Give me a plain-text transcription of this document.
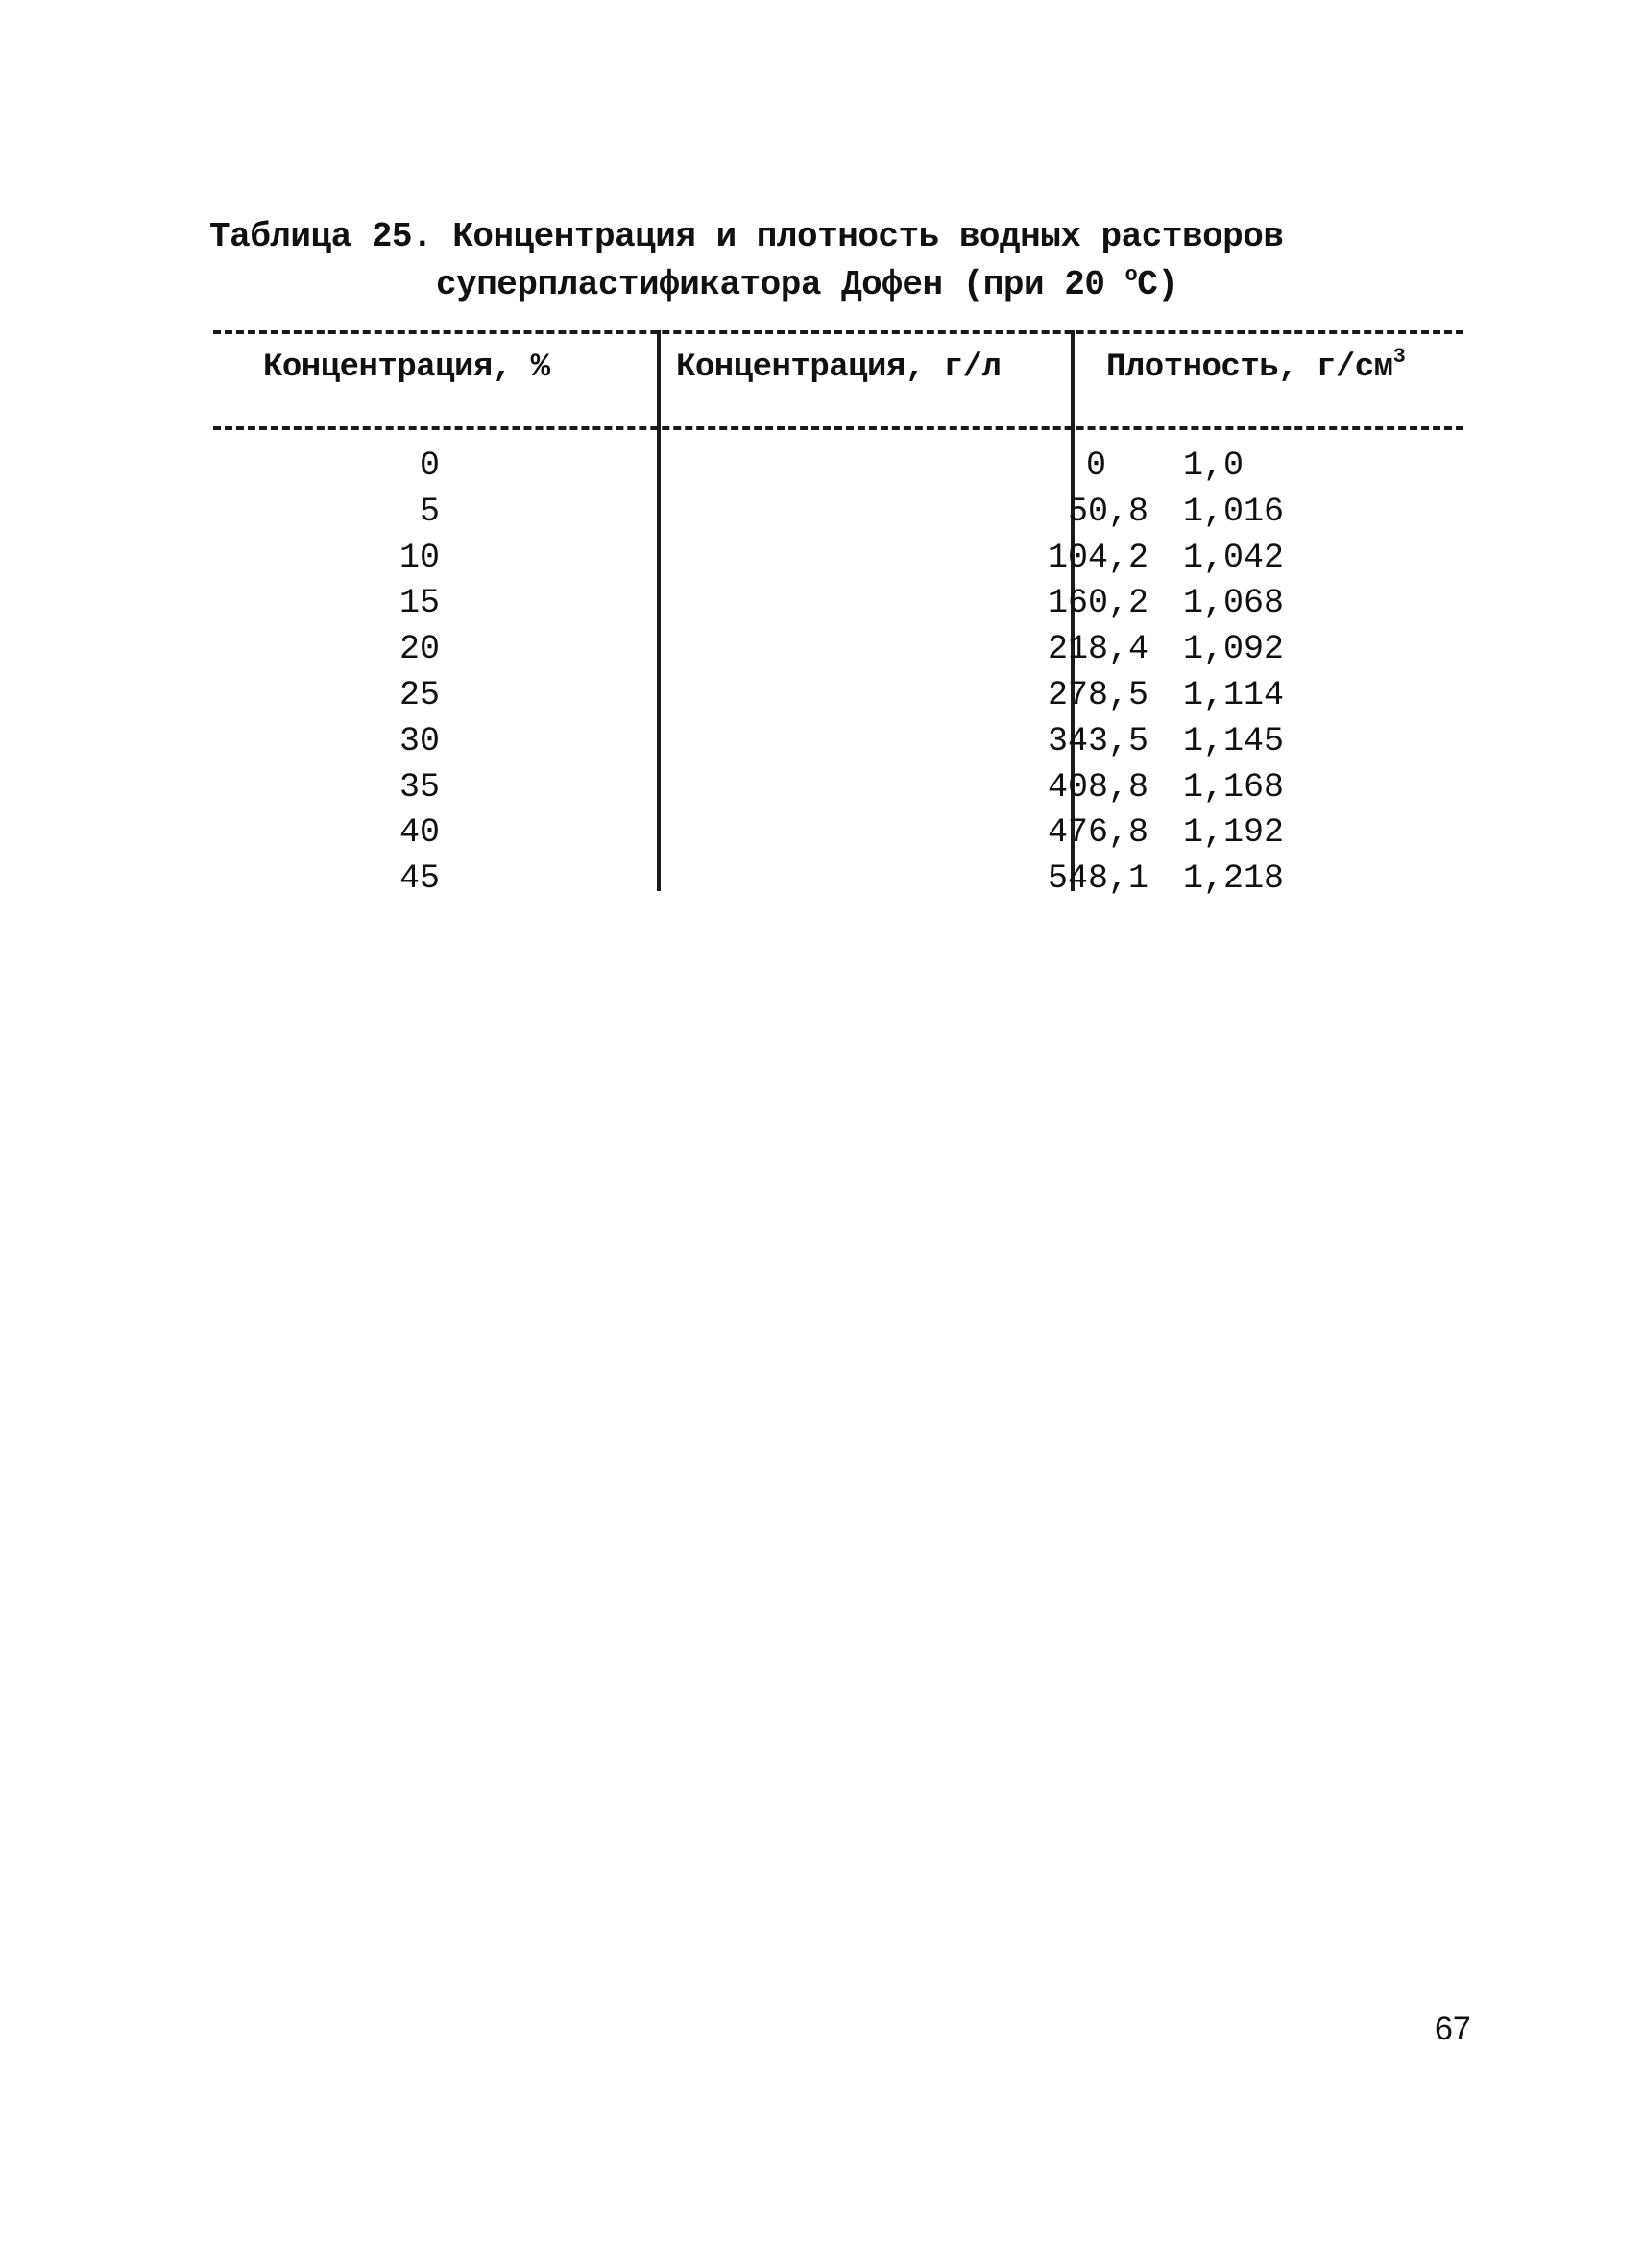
Таблица 25. Концентрация и плотность водных растворов
суперпластификатора Дофен (при 20 $^о$С)
Концентрация, %	Концентрация, г/л	Плотность, $г/см^3$
0	0	1,0
5	50,8 1,016
10	104,2 1,042
15	160,2 1,068
20	218,4 1,092
25	278,5 1,114
30	343,5 1,145
35	408,8 1,168
40	476,8 1,192
45	548,1 1,218
67
